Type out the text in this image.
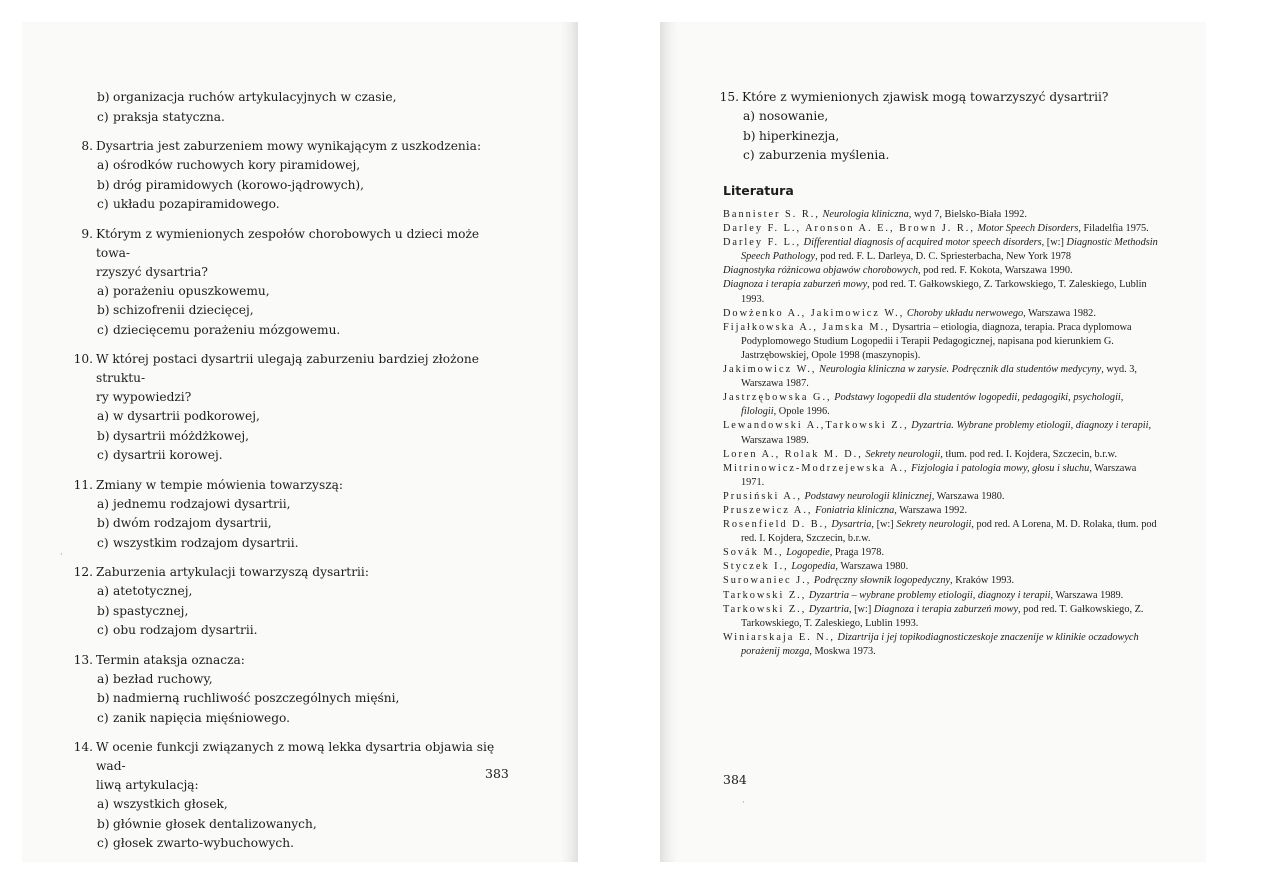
b) organizacja ruchów artykulacyjnych w czasie,
c) praksja statyczna.
8. Dysartria jest zaburzeniem mowy wynikającym z uszkodzenia:
a) ośrodków ruchowych kory piramidowej,
b) dróg piramidowych (korowo-jądrowych),
c) układu pozapiramidowego.
9. Którym z wymienionych zespołów chorobowych u dzieci może towa-
rzyszyć dysartria?
a) porażeniu opuszkowemu,
b) schizofrenii dziecięcej,
c) dziecięcemu porażeniu mózgowemu.
10. W której postaci dysartrii ulegają zaburzeniu bardziej złożone struktu-
ry wypowiedzi?
a) w dysartrii podkorowej,
b) dysartrii móżdżkowej,
c) dysartrii korowej.
11. Zmiany w tempie mówienia towarzyszą:
a) jednemu rodzajowi dysartrii,
b) dwóm rodzajom dysartrii,
c) wszystkim rodzajom dysartrii.
12. Zaburzenia artykulacji towarzyszą dysartrii:
a) atetotycznej,
b) spastycznej,
c) obu rodzajom dysartrii.
13. Termin ataksja oznacza:
a) bezład ruchowy,
b) nadmierną ruchliwość poszczególnych mięśni,
c) zanik napięcia mięśniowego.
14. W ocenie funkcji związanych z mową lekka dysartria objawia się wad-
liwą artykulacją:
a) wszystkich głosek,
b) głównie głosek dentalizowanych,
c) głosek zwarto-wybuchowych.
383
15. Które z wymienionych zjawisk mogą towarzyszyć dysartrii?
a) nosowanie,
b) hiperkinezja,
c) zaburzenia myślenia.
Literatura
Bannister S. R., Neurologia kliniczna, wyd 7, Bielsko-Biała 1992.
Darley F. L., Aronson A. E., Brown J. R., Motor Speech Disorders, Filadelfia 1975.
Darley F. L., Differential diagnosis of acquired motor speech disorders, [w:] Diagnostic Methodsin Speech Pathology, pod red. F. L. Darleya, D. C. Spriesterbacha, New York 1978
Diagnostyka różnicowa objawów chorobowych, pod red. F. Kokota, Warszawa 1990.
Diagnoza i terapia zaburzeń mowy, pod red. T. Gałkowskiego, Z. Tarkowskiego, T. Zaleskiego, Lublin 1993.
Dowżenko A., Jakimowicz W., Choroby układu nerwowego, Warszawa 1982.
Fijałkowska A., Jamska M., Dysartria – etiologia, diagnoza, terapia. Praca dyplomowa Podyplomowego Studium Logopedii i Terapii Pedagogicznej, napisana pod kierunkiem G. Jastrzębowskiej, Opole 1998 (maszynopis).
Jakimowicz W., Neurologia kliniczna w zarysie. Podręcznik dla studentów medycyny, wyd. 3, Warszawa 1987.
Jastrzębowska G., Podstawy logopedii dla studentów logopedii, pedagogiki, psychologii, filologii, Opole 1996.
Lewandowski A.,Tarkowski Z., Dyzartria. Wybrane problemy etiologii, diagnozy i terapii, Warszawa 1989.
Loren A., Rolak M. D., Sekrety neurologii, tłum. pod red. I. Kojdera, Szczecin, b.r.w.
Mitrinowicz-Modrzejewska A., Fizjologia i patologia mowy, głosu i słuchu, Warszawa 1971.
Prusiński A., Podstawy neurologii klinicznej, Warszawa 1980.
Pruszewicz A., Foniatria kliniczna, Warszawa 1992.
Rosenfield D. B., Dysartria, [w:] Sekrety neurologii, pod red. A Lorena, M. D. Rolaka, tłum. pod red. I. Kojdera, Szczecin, b.r.w.
Sovák M., Logopedie, Praga 1978.
Styczek I., Logopedia, Warszawa 1980.
Surowaniec J., Podręczny słownik logopedyczny, Kraków 1993.
Tarkowski Z., Dyzartria – wybrane problemy etiologii, diagnozy i terapii, Warszawa 1989.
Tarkowski Z., Dyzartria, [w:] Diagnoza i terapia zaburzeń mowy, pod red. T. Gałkowskiego, Z. Tarkowskiego, T. Zaleskiego, Lublin 1993.
Winiarskaja E. N., Dizartrija i jej topikodiagnosticzeskoje znaczenije w klinikie oczadowych porażenij mozga, Moskwa 1973.
384
·
·
